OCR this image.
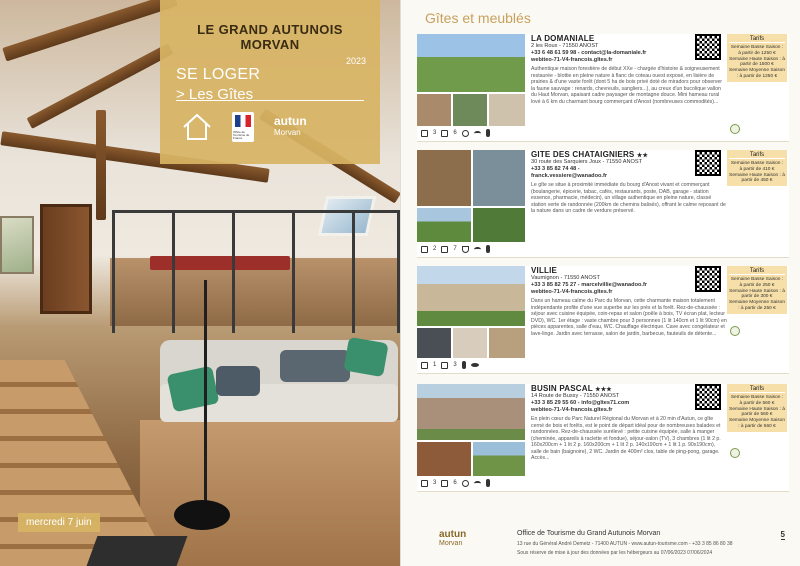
LE GRAND AUTUNOIS MORVAN
SE LOGER
> Les Gîtes
2023
Office de Tourisme de France
autun
Morvan
mercredi 7 juin
Gîtes et meublés
3	6
LA DOMANIALE
2 les Roux - 71550 ANOST
+33 6 48 61 59 98 - contact@la-domaniale.fr
webiteo-71-V4-francois.gîtes.fr
Authentique maison forestière de début XXe - chargée d'histoire & soigneusement restaurée - blottie en pleine nature à flanc de coteau ouest exposé, en lisière de prairies & d'une vaste forêt (dont 5 ha de bois privé doté de miradors pour observer la faune sauvage : renards, chevreuils, sangliers...), au creux d'un bucolique vallon du Haut Morvan, apaisant cadre paysager de montagne douce. Mini hameau rural lové à 6 km du charmant bourg commerçant d'Anost (nombreuses commodités)...
Tarifs
Semaine Basse Saison : à partir de 1250 €
Semaine Haute Saison : à partir de 1500 €
Semaine Moyenne Saison : à partir de 1250 €
2	7
GITE DES CHATAIGNIERS ★★
30 route des Sarquiers Joux - 71550 ANOST
+33 3 85 82 74 48 -
franck.vessiere@wanadoo.fr
Le gîte se situe à proximité immédiate du bourg d'Anost vivant et commerçant (boulangerie, épicerie, tabac, cafés, restaurants, poste, DAB, garage - station essence, pharmacie, médecin), un village authentique en pleine nature, classé station verte de randonnée (200km de chemins balisés), offrant le calme reposant de la nature dans un cadre de verdure préservé.
Tarifs
Semaine Basse Saison : à partir de 410 €
Semaine Haute Saison : à partir de 450 €
1	3
VILLIE
Vaumignon - 71550 ANOST
+33 3 85 82 75 27 - marcelvillie@wanadoo.fr
webiteo-71-V4-francois.gîtes.fr
Dans un hameau calme du Parc du Morvan, cette charmante maison totalement indépendante profite d'une vue superbe sur les prés et la forêt. Rez-de-chaussée : séjour avec cuisine équipée, coin-repas et salon (poêle à bois, TV écran plat, lecteur DVD), WC. 1er étage : vaste chambre pour 3 personnes (1 lit 140cm et 1 lit 90cm) en pièces apparentes, salle d'eau, WC. Chauffage électrique. Cave avec congélateur et lave-linge. Jardin avec terrasse, salon de jardin, barbecue, fauteuils de détente...
Tarifs
Semaine Basse Saison : à partir de 250 €
Semaine Haute Saison : à partir de 300 €
Semaine Moyenne Saison : à partir de 250 €
3	6
BUSIN PASCAL ★★★
14 Route de Bussy - 71550 ANOST
+33 3 85 29 55 60 - info@gîtes71.com
webiteo-71-V4-francois.gîtes.fr
En plein cœur du Parc Naturel Régional du Morvan et à 20 min d'Autun, ce gîte cerné de bois et forêts, est le point de départ idéal pour de nombreuses balades et randonnées. Rez-de-chaussée surélevé : petite cuisine équipée, salle à manger (cheminée, appareils à raclette et fondue), séjour-salon (TV), 3 chambres (1 lit 2 p. 160x200cm + 1 lit 2 p. 160x200cm + 1 lit 2 p. 140x190cm + 1 lit 1 p. 90x190cm), salle de bain (baignoire), 2 WC. Jardin de 400m² clos, table de ping-pong, garage. Accès...
Tarifs
Semaine Basse Saison : à partir de 560 €
Semaine Haute Saison : à partir de 560 €
Semaine Moyenne Saison : à partir de 560 €
autun
Morvan
Office de Tourisme du Grand Autunois Morvan
13 rue du Général André Demetz - 71400 AUTUN - www.autun-tourisme.com - +33 3 85 86 80 38
Sous réserve de mise à jour des données par les hébergeurs au 07/06/2023 07/06/2024
5
